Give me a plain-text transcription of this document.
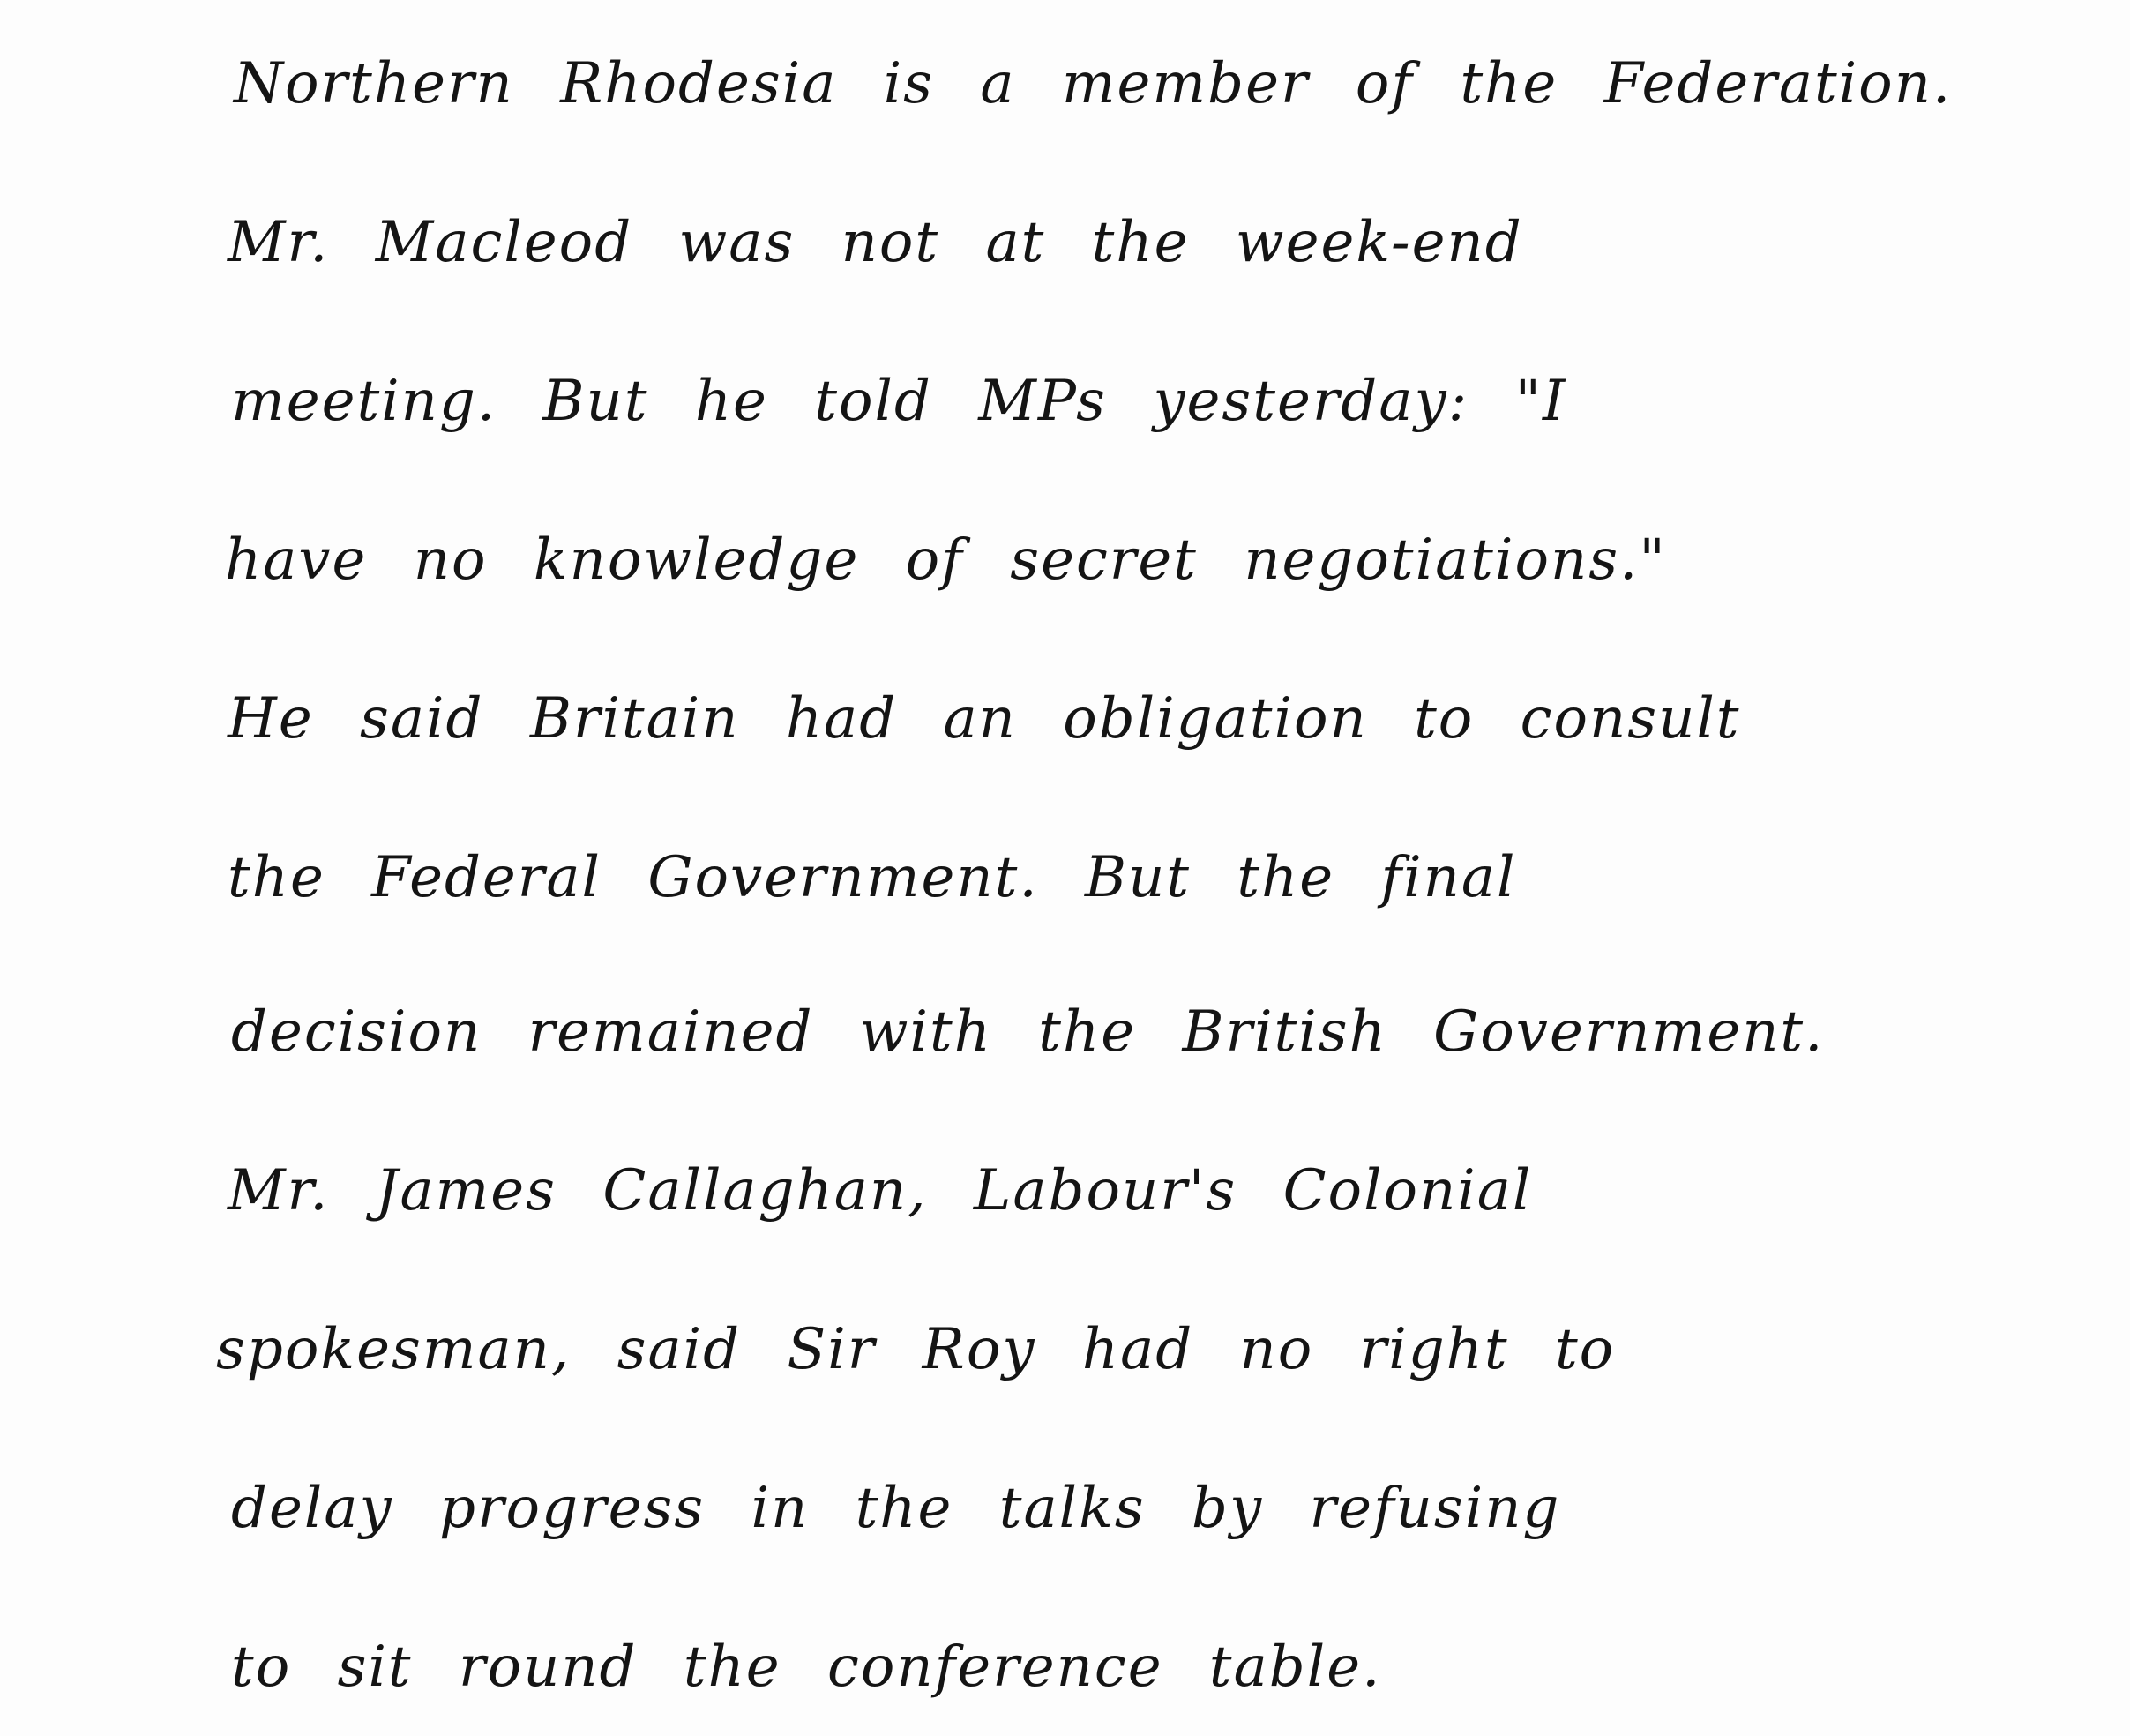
Northern Rhodesia is a member of the Federation.
Mr. Macleod was not at the week-end
meeting. But he told MPs yesterday: "I
have no knowledge of secret negotiations."
He said Britain had an obligation to consult
the Federal Government. But the final
decision remained with the British Government.
Mr. James Callaghan, Labour's Colonial
spokesman, said Sir Roy had no right to
delay progress in the talks by refusing
to sit round the conference table.
